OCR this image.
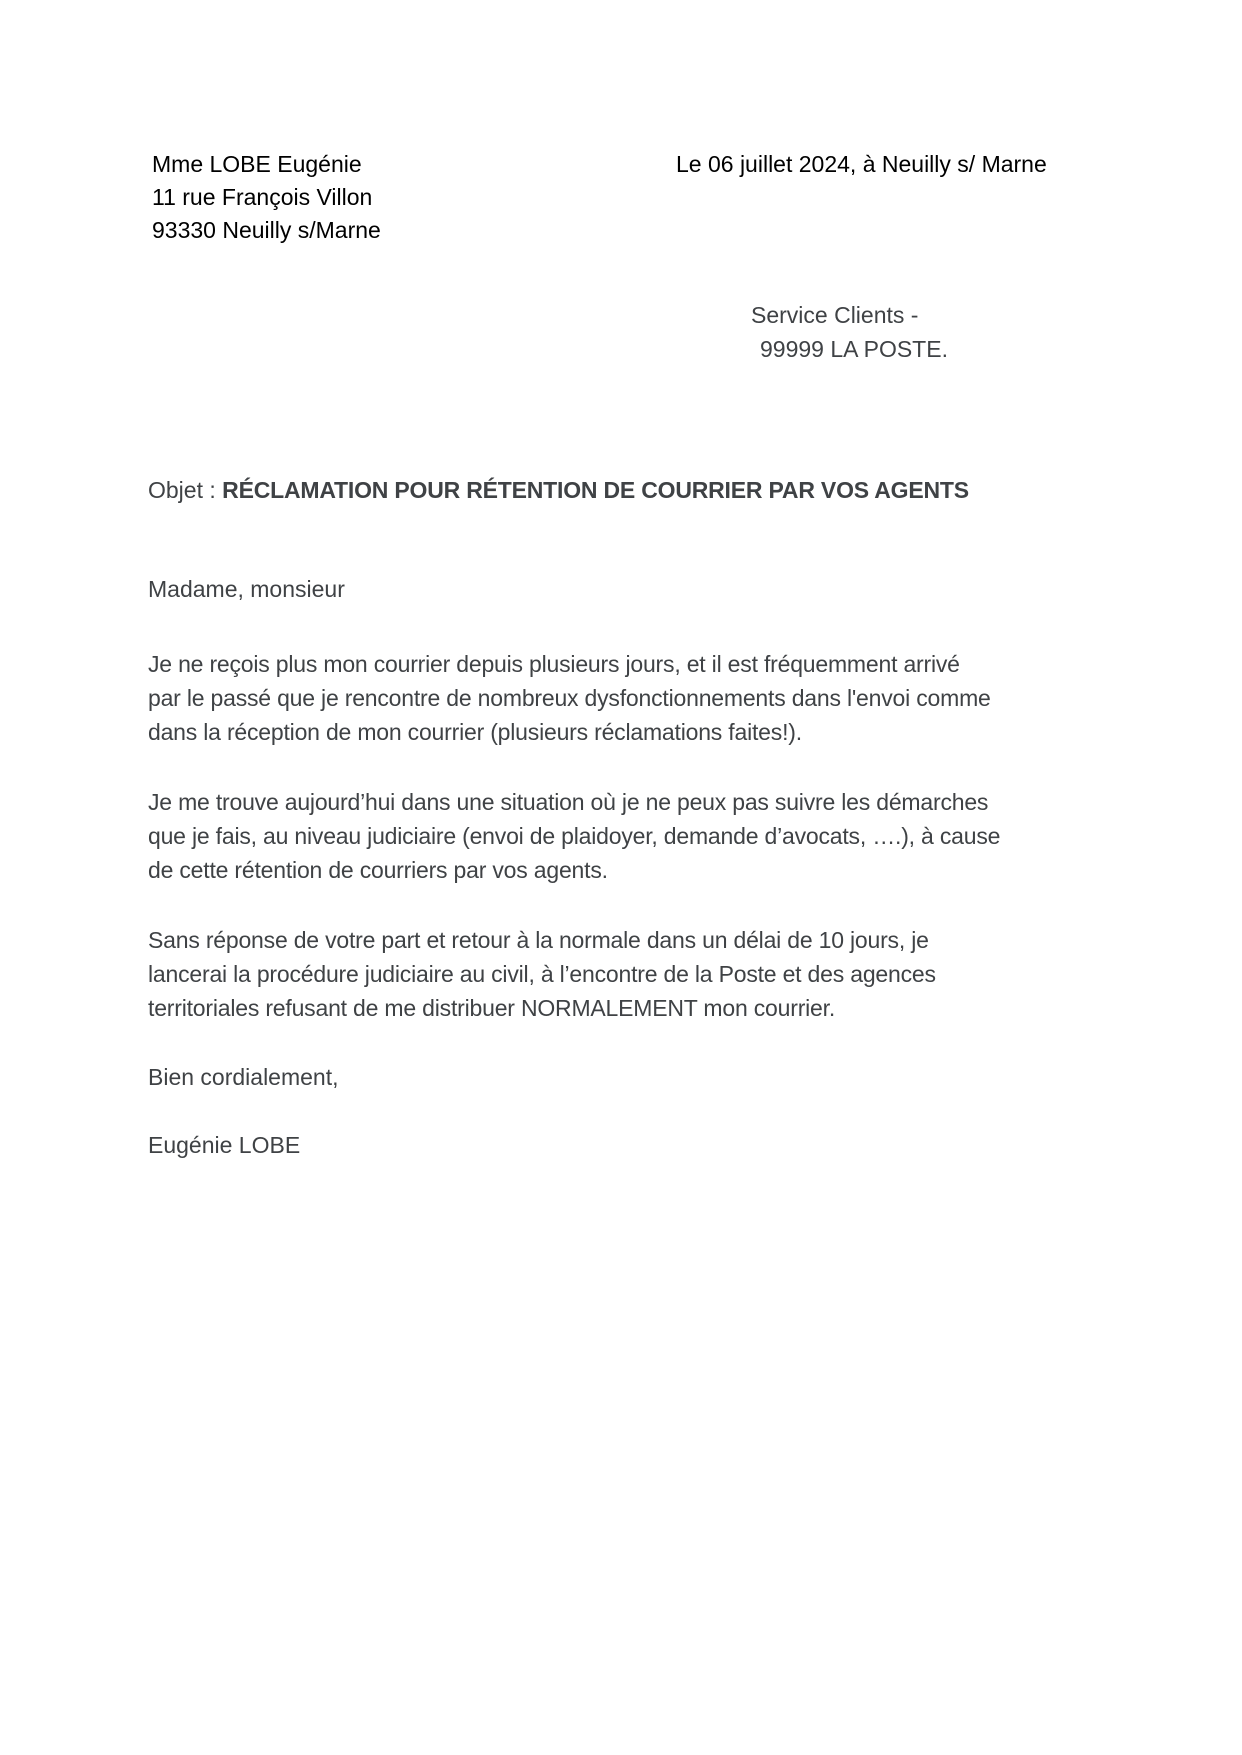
Mme LOBE Eugénie
11 rue François Villon
93330 Neuilly s/Marne
Le 06 juillet 2024, à Neuilly s/ Marne
Service Clients -
99999 LA POSTE.
Objet : RÉCLAMATION POUR RÉTENTION DE COURRIER PAR VOS AGENTS
Madame, monsieur
Je ne reçois plus mon courrier depuis plusieurs jours, et il est fréquemment arrivé
par le passé que je rencontre de nombreux dysfonctionnements dans l'envoi comme
dans la réception de mon courrier (plusieurs réclamations faites!).
Je me trouve aujourd’hui dans une situation où je ne peux pas suivre les démarches
que je fais, au niveau judiciaire (envoi de plaidoyer, demande d’avocats, ….), à cause
de cette rétention de courriers par vos agents.
Sans réponse de votre part et retour à la normale dans un délai de 10 jours, je
lancerai la procédure judiciaire au civil, à l’encontre de la Poste et des agences
territoriales refusant de me distribuer NORMALEMENT mon courrier.
Bien cordialement,
Eugénie LOBE
